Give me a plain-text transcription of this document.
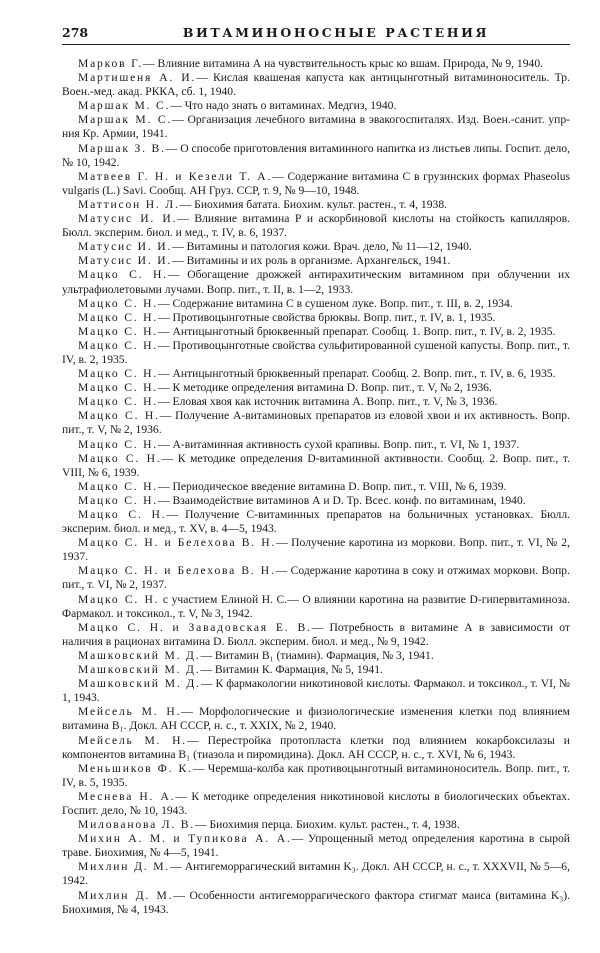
278	ВИТАМИНОНОСНЫЕ РАСТЕНИЯ

Марков Г.— Влияние витамина А на чувствительность крыс ко вшам. Природа, № 9, 1940.

Мартишеня А. И.— Кислая квашеная капуста как антицынготный витаминоноситель. Тр. Воен.-мед. акад. РККА, сб. 1, 1940.

Маршак М. С.— Что надо знать о витаминах. Медгиз, 1940.

Маршак М. С.— Организация лечебного витамина в эвакогоспиталях. Изд. Воен.-санит. упр-ния Кр. Армии, 1941.

Маршак З. В.— О способе приготовления витаминного напитка из листьев липы. Госпит. дело, № 10, 1942.

Матвеев Г. Н. и Кезели Т. А.— Содержание витамина С в грузинских формах Phaseolus vulgaris (L.) Savi. Сообщ. АН Груз. ССР, т. 9, № 9—10, 1948.

Маттисон Н. Л.— Биохимия батата. Биохим. культ. растен., т. 4, 1938.

Матусис И. И.— Влияние витамина Р и аскорбиновой кислоты на стойкость капилляров. Бюлл. эксперим. биол. и мед., т. IV, в. 6, 1937.

Матусис И. И.— Витамины и патология кожи. Врач. дело, № 11—12, 1940.

Матусис И. И.— Витамины и их роль в организме. Архангельск, 1941.

Мацко С. Н.— Обогащение дрожжей антирахитическим витамином при облучении их ультрафиолетовыми лучами. Вопр. пит., т. II, в. 1—2, 1933.

Мацко С. Н.— Содержание витамина С в сушеном луке. Вопр. пит., т. III, в. 2, 1934.

Мацко С. Н.— Противоцынготные свойства брюквы. Вопр. пит., т. IV, в. 1, 1935.

Мацко С. Н.— Антицынготный брюквенный препарат. Сообщ. 1. Вопр. пит., т. IV, в. 2, 1935.

Мацко С. Н.— Противоцынготные свойства сульфитированной сушеной капусты. Вопр. пит., т. IV, в. 2, 1935.

Мацко С. Н.— Антицынготный брюквенный препарат. Сообщ. 2. Вопр. пит., т. IV, в. 6, 1935.

Мацко С. Н.— К методике определения витамина D. Вопр. пит., т. V, № 2, 1936.

Мацко С. Н.— Еловая хвоя как источник витамина А. Вопр. пит., т. V, № 3, 1936.

Мацко С. Н.— Получение А-витаминовых препаратов из еловой хвои и их активность. Вопр. пит., т. V, № 2, 1936.

Мацко С. Н.— А-витаминная активность сухой крапивы. Вопр. пит., т. VI, № 1, 1937.

Мацко С. Н.— К методике определения D-витаминной активности. Сообщ. 2. Вопр. пит., т. VIII, № 6, 1939.

Мацко С. Н.— Периодическое введение витамина D. Вопр. пит., т. VIII, № 6, 1939.

Мацко С. Н.— Взаимодействие витаминов А и D. Тр. Всес. конф. по витаминам, 1940.

Мацко С. Н.— Получение С-витаминных препаратов на больничных установках. Бюлл. эксперим. биол. и мед., т. XV, в. 4—5, 1943.

Мацко С. Н. и Белехова В. Н.— Получение каротина из моркови. Вопр. пит., т. VI, № 2, 1937.

Мацко С. Н. и Белехова В. Н.— Содержание каротина в соку и отжимах моркови. Вопр. пит., т. VI, № 2, 1937.

Мацко С. Н. с участием Елиной Н. С.— О влиянии каротина на развитие D-гипервитаминоза. Фармакол. и токсикол., т. V, № 3, 1942.

Мацко С. Н. и Завадовская Е. В.— Потребность в витамине А в зависимости от наличия в рационах витамина D. Бюлл. эксперим. биол. и мед., № 9, 1942.

Машковский М. Д.— Витамин B₁ (тиамин). Фармация, № 3, 1941.

Машковский М. Д.— Витамин К. Фармация, № 5, 1941.

Машковский М. Д.— К фармакологии никотиновой кислоты. Фармакол. и токсикол., т. VI, № 1, 1943.

Мейсель М. Н.— Морфологические и физиологические изменения клетки под влиянием витамина B₁. Докл. АН СССР, н. с., т. XXIX, № 2, 1940.

Мейсель М. Н.— Перестройка протопласта клетки под влиянием кокарбоксилазы и компонентов витамина B₁ (тиазола и пиромидина). Докл. АН СССР, н. с., т. XVI, № 6, 1943.

Меньшиков Ф. К.— Черемша-колба как противоцынготный витаминоноситель. Вопр. пит., т. IV, в. 5, 1935.

Меснева Н. А.— К методике определения никотиновой кислоты в биологических объектах. Госпит. дело, № 10, 1943.

Милованова Л. В.— Биохимия перца. Биохим. культ. растен., т. 4, 1938.

Михин А. М. и Тупикова А. А.— Упрощенный метод определения каротина в сырой траве. Биохимия, № 4—5, 1941.

Михлин Д. М.— Антигеморрагический витамин K₃. Докл. АН СССР, н. с., т. XXXVII, № 5—6, 1942.

Михлин Д. М.— Особенности антигеморрагического фактора стигмат маиса (витамина K₃). Биохимия, № 4, 1943.
